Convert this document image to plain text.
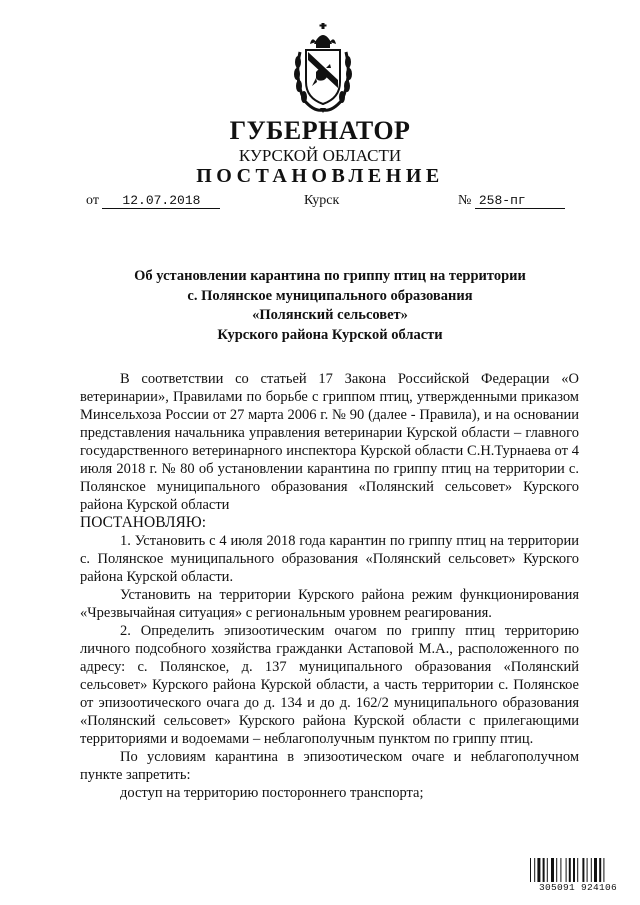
ГУБЕРНАТОР
КУРСКОЙ ОБЛАСТИ
ПОСТАНОВЛЕНИЕ
от 12.07.2018	Курск	№ 258-пг
Об установлении карантина по гриппу птиц на территории
с. Полянское муниципального образования
«Полянский сельсовет»
Курского района Курской области

В соответствии со статьей 17 Закона Российской Федерации «О ветеринарии», Правилами по борьбе с гриппом птиц, утвержденными приказом Минсельхоза России от 27 марта 2006 г. № 90 (далее - Правила), и на основании представления начальника управления ветеринарии Курской области – главного государственного ветеринарного инспектора Курской области С.Н.Турнаева от 4 июля 2018 г. № 80 об установлении карантина по гриппу птиц на территории с. Полянское муниципального образования «Полянский сельсовет» Курского района Курской области

ПОСТАНОВЛЯЮ:

1. Установить с 4 июля 2018 года карантин по гриппу птиц на территории с. Полянское муниципального образования «Полянский сельсовет» Курского района Курской области.

Установить на территории Курского района режим функционирования «Чрезвычайная ситуация» с региональным уровнем реагирования.

2. Определить эпизоотическим очагом по гриппу птиц территорию личного подсобного хозяйства гражданки Астаповой М.А., расположенного по адресу: с. Полянское, д. 137 муниципального образования «Полянский сельсовет» Курского района Курской области, а часть территории с. Полянское от эпизоотического очага до д. 134 и до д. 162/2 муниципального образования «Полянский сельсовет» Курского района Курской области с прилегающими территориями и водоемами – неблагополучным пунктом по гриппу птиц.

По условиям карантина в эпизоотическом очаге и неблагополучном пункте запретить:

доступ на территорию постороннего транспорта;

305091 924106
